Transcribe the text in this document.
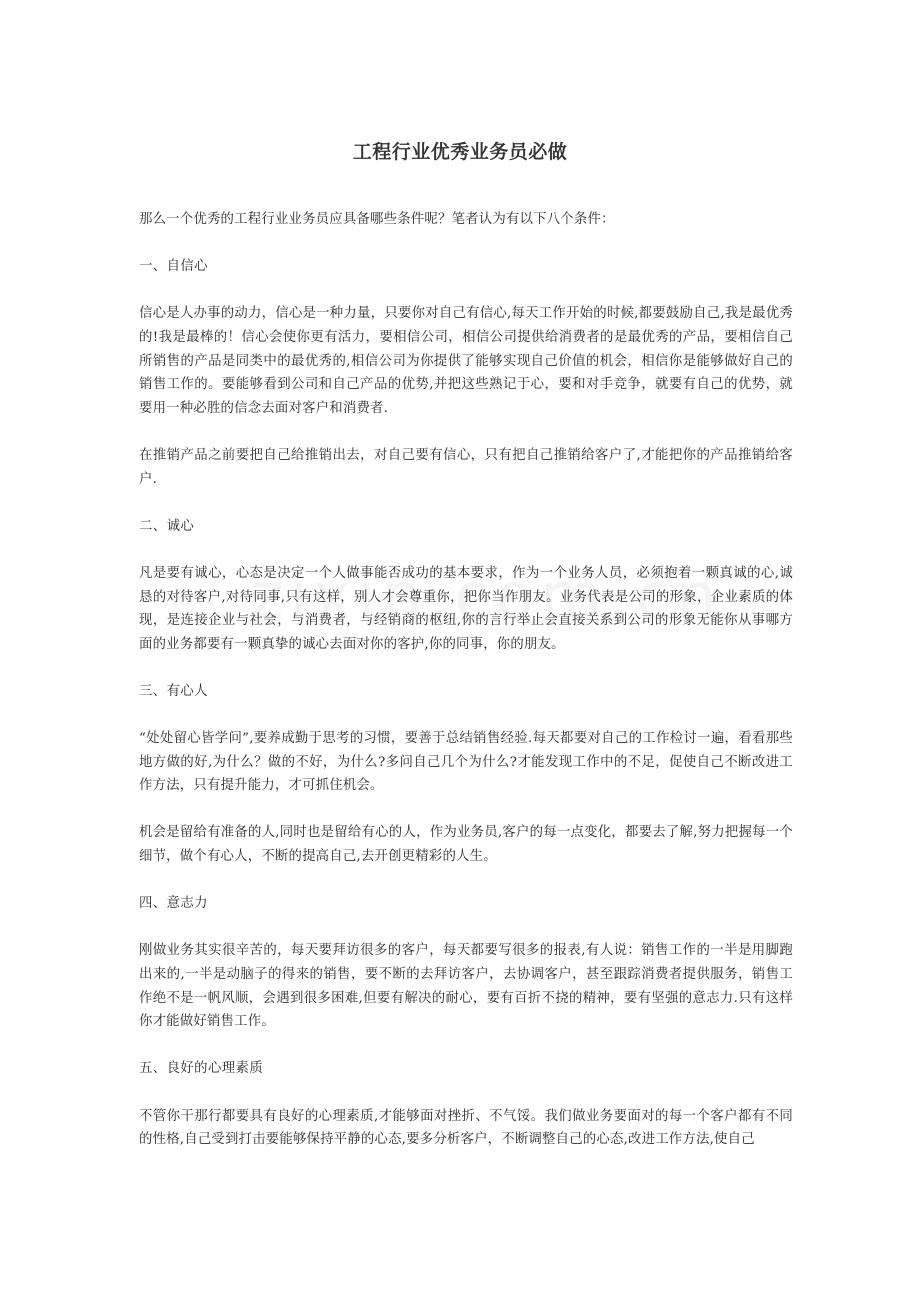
工程行业优秀业务员必做

那么一个优秀的工程行业业务员应具备哪些条件呢？笔者认为有以下八个条件：

一、自信心

信心是人办事的动力，信心是一种力量，只要你对自己有信心,每天工作开始的时候,都要鼓励自己,我是最优秀的!我是最棒的！信心会使你更有活力，要相信公司，相信公司提供给消费者的是最优秀的产品，要相信自己所销售的产品是同类中的最优秀的,相信公司为你提供了能够实现自己价值的机会，相信你是能够做好自己的销售工作的。要能够看到公司和自己产品的优势,并把这些熟记于心，要和对手竞争，就要有自己的优势，就要用一种必胜的信念去面对客户和消费者.

在推销产品之前要把自己给推销出去，对自己要有信心，只有把自己推销给客户了,才能把你的产品推销给客户.

二、诚心

凡是要有诚心，心态是决定一个人做事能否成功的基本要求，作为一个业务人员，必须抱着一颗真诚的心,诚恳的对待客户,对待同事,只有这样，别人才会尊重你，把你当作朋友。业务代表是公司的形象，企业素质的体现，是连接企业与社会，与消费者，与经销商的枢纽,你的言行举止会直接关系到公司的形象无能你从事哪方面的业务都要有一颗真挚的诚心去面对你的客护,你的同事，你的朋友。

三、有心人

“处处留心皆学问”,要养成勤于思考的习惯，要善于总结销售经验.每天都要对自己的工作检讨一遍，看看那些地方做的好,为什么？做的不好，为什么?多问自己几个为什么?才能发现工作中的不足，促使自己不断改进工作方法，只有提升能力，才可抓住机会。

机会是留给有准备的人,同时也是留给有心的人，作为业务员,客户的每一点变化，都要去了解,努力把握每一个细节，做个有心人，不断的提高自己,去开创更精彩的人生。

四、意志力

刚做业务其实很辛苦的，每天要拜访很多的客户，每天都要写很多的报表,有人说：销售工作的一半是用脚跑出来的,一半是动脑子的得来的销售，要不断的去拜访客户，去协调客户，甚至跟踪消费者提供服务，销售工作绝不是一帆风顺，会遇到很多困难,但要有解决的耐心，要有百折不挠的精神，要有坚强的意志力.只有这样你才能做好销售工作。

五、良好的心理素质

不管你干那行都要具有良好的心理素质,才能够面对挫折、不气馁。我们做业务要面对的每一个客户都有不同的性格,自己受到打击要能够保持平静的心态,要多分析客户，不断调整自己的心态,改进工作方法,使自己
